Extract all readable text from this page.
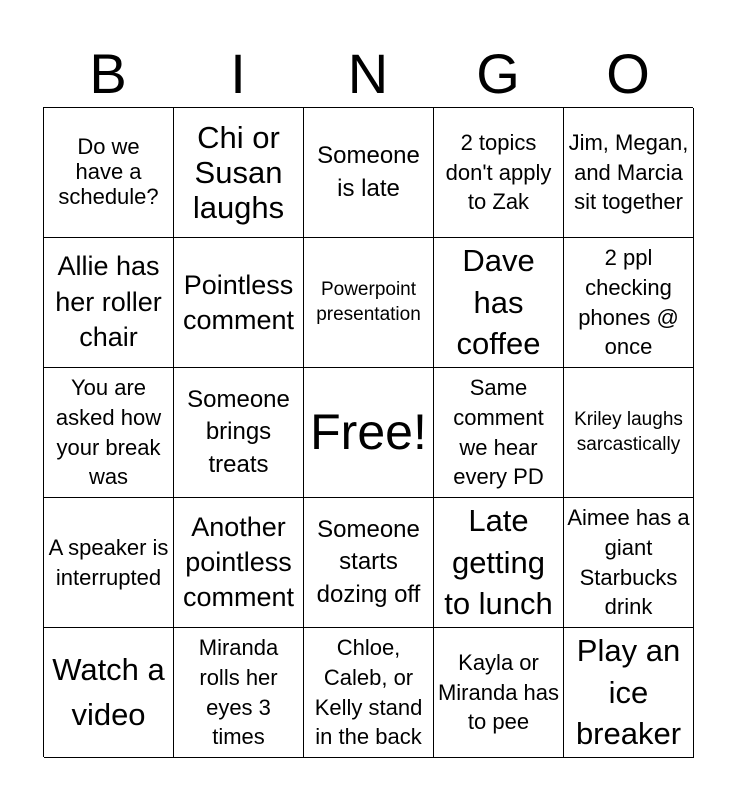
B	I	N	G	O
Do we have a schedule?
Chi or Susan laughs
Someone is late
2 topics don't apply to Zak
Jim, Megan, and Marcia sit together
Allie has her roller chair
Pointless comment
Powerpoint presentation
Dave has coffee
2 ppl checking phones @ once
You are asked how your break was
Someone brings treats
Free!
Same comment we hear every PD
Kriley laughs sarcastically
A speaker is interrupted
Another pointless comment
Someone starts dozing off
Late getting to lunch
Aimee has a giant Starbucks drink
Watch a video
Miranda rolls her eyes 3 times
Chloe, Caleb, or Kelly stand in the back
Kayla or Miranda has to pee
Play an ice breaker
